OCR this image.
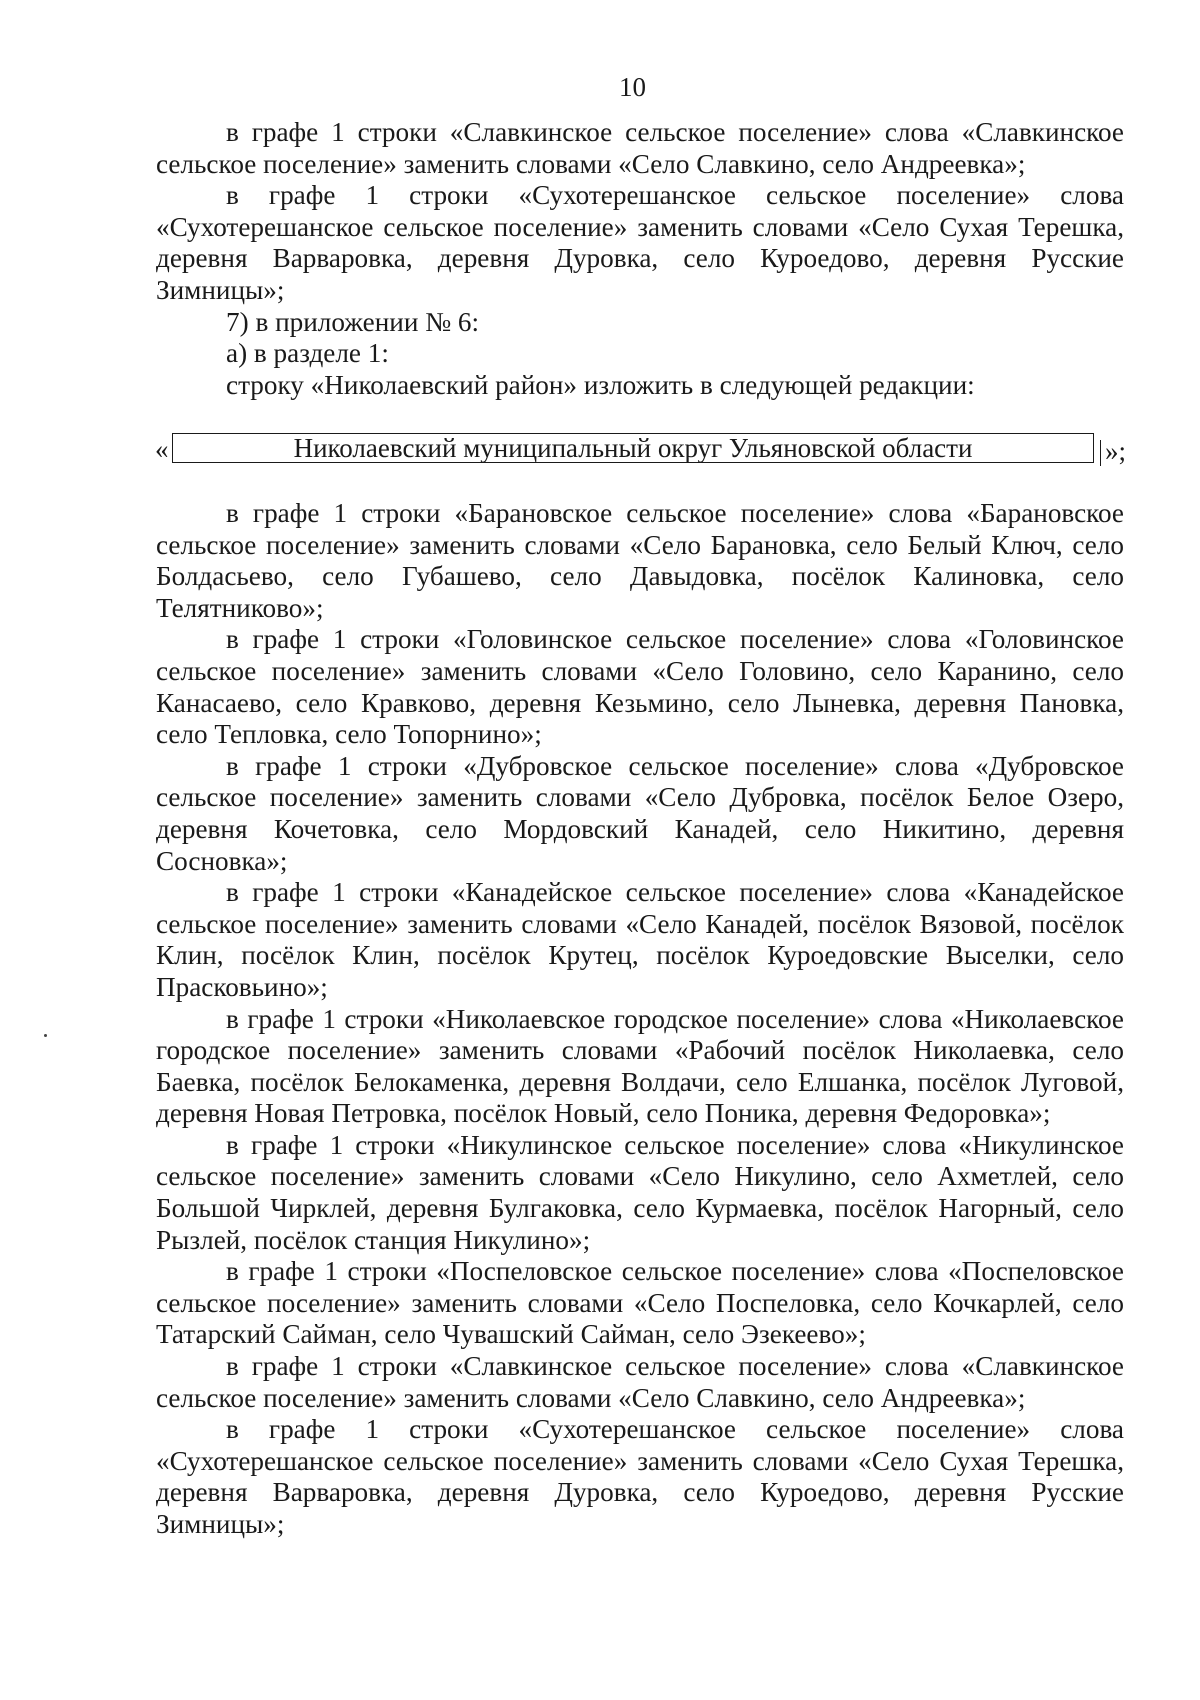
10

в графе 1 строки «Славкинское сельское поселение» слова «Славкинское сельское поселение» заменить словами «Село Славкино, село Андреевка»;

в графе 1 строки «Сухотерешанское сельское поселение» слова «Сухотерешанское сельское поселение» заменить словами «Село Сухая Терешка, деревня Варваровка, деревня Дуровка, село Куроедово, деревня Русские Зимницы»;

7) в приложении № 6:

а) в разделе 1:

строку «Николаевский район» изложить в следующей редакции:

«	Николаевский муниципальный округ Ульяновской области	»;

в графе 1 строки «Барановское сельское поселение» слова «Барановское сельское поселение» заменить словами «Село Барановка, село Белый Ключ, село Болдасьево, село Губашево, село Давыдовка, посёлок Калиновка, село Телятниково»;

в графе 1 строки «Головинское сельское поселение» слова «Головинское сельское поселение» заменить словами «Село Головино, село Каранино, село Канасаево, село Кравково, деревня Кезьмино, село Лыневка, деревня Пановка, село Тепловка, село Топорнино»;

в графе 1 строки «Дубровское сельское поселение» слова «Дубровское сельское поселение» заменить словами «Село Дубровка, посёлок Белое Озеро, деревня Кочетовка, село Мордовский Канадей, село Никитино, деревня Сосновка»;

в графе 1 строки «Канадейское сельское поселение» слова «Канадейское сельское поселение» заменить словами «Село Канадей, посёлок Вязовой, посёлок Клин, посёлок Клин, посёлок Крутец, посёлок Куроедовские Выселки, село Прасковьино»;

в графе 1 строки «Николаевское городское поселение» слова «Николаевское городское поселение» заменить словами «Рабочий посёлок Николаевка, село Баевка, посёлок Белокаменка, деревня Волдачи, село Елшанка, посёлок Луговой, деревня Новая Петровка, посёлок Новый, село Поника, деревня Федоровка»;

в графе 1 строки «Никулинское сельское поселение» слова «Никулинское сельское поселение» заменить словами «Село Никулино, село Ахметлей, село Большой Чирклей, деревня Булгаковка, село Курмаевка, посёлок Нагорный, село Рызлей, посёлок станция Никулино»;

в графе 1 строки «Поспеловское сельское поселение» слова «Поспеловское сельское поселение» заменить словами «Село Поспеловка, село Кочкарлей, село Татарский Сайман, село Чувашский Сайман, село Эзекеево»;

в графе 1 строки «Славкинское сельское поселение» слова «Славкинское сельское поселение» заменить словами «Село Славкино, село Андреевка»;

в графе 1 строки «Сухотерешанское сельское поселение» слова «Сухотерешанское сельское поселение» заменить словами «Село Сухая Терешка, деревня Варваровка, деревня Дуровка, село Куроедово, деревня Русские Зимницы»;
